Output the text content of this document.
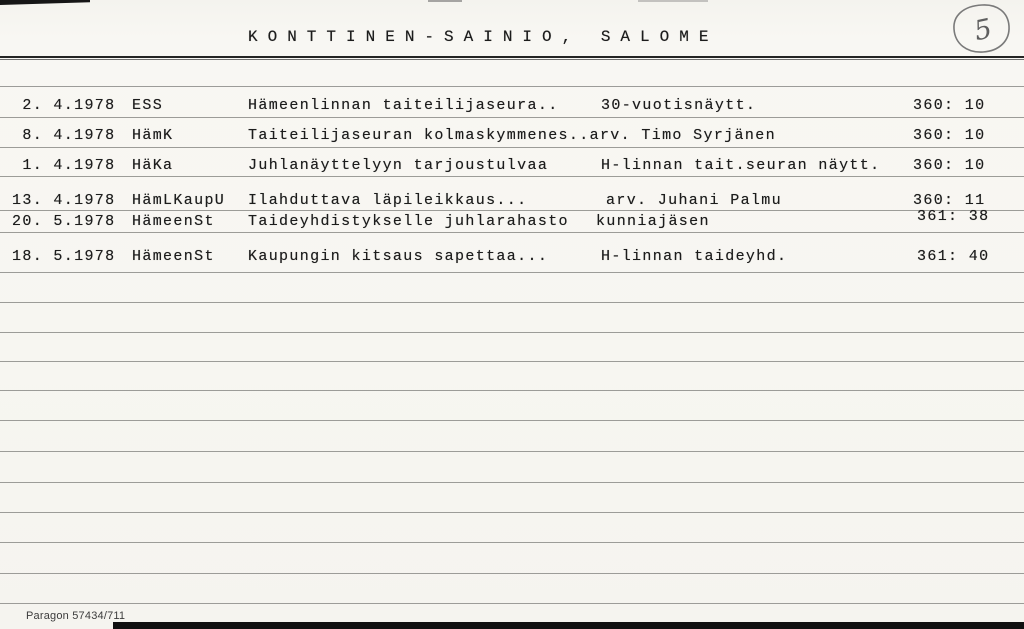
KONTTINEN-SAINIO, SALOME	5
2. 4.1978 ESS	Hämeenlinnan taiteilijaseura..	30-vuotisnäytt.	360: 10
8. 4.1978 HämK	Taiteilijaseuran kolmaskymmenes..arv. Timo Syrjänen	360: 10
1. 4.1978 HäKa	Juhlanäyttelyyn tarjoustulvaa	H-linnan tait.seuran näytt. 360: 10
13. 4.1978 HämLKaupU Ilahduttava läpileikkaus...	arv. Juhani Palmu	360: 11
20. 5.1978 HämeenSt Taideyhdistykselle juhlarahasto kunniajäsen	361: 38
18. 5.1978 HämeenSt Kaupungin kitsaus sapettaa...	H-linnan taideyhd.	361: 40
Paragon 57434/711
